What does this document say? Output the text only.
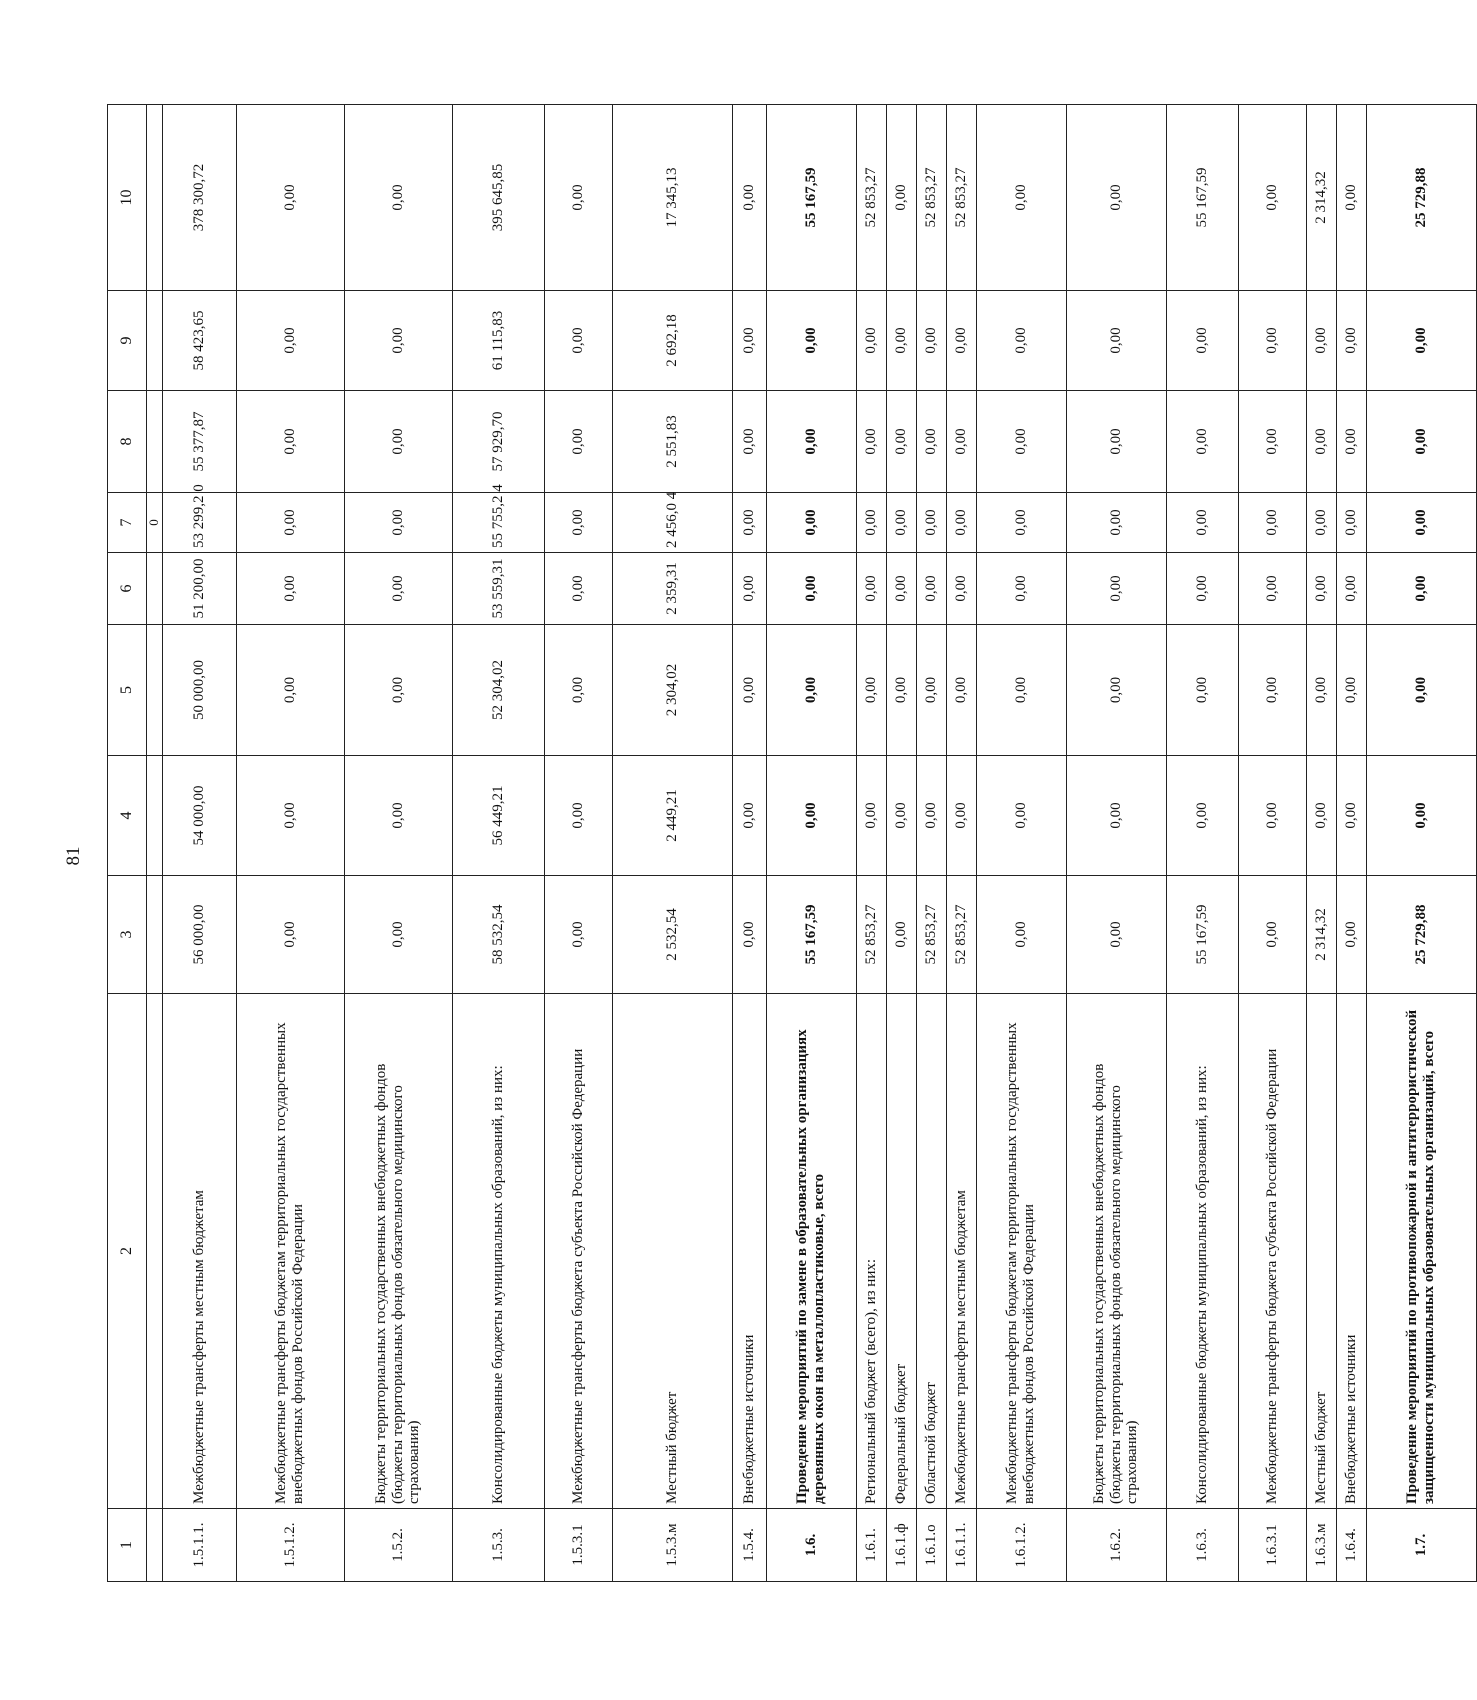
81
1	2	3	4	5	6	7	8	9	10
						0			
1.5.1.1.	Межбюджетные трансферты местным бюджетам	56 000,00	54 000,00	50 000,00	51 200,00	53 299,2 0	55 377,87	58 423,65	378 300,72
1.5.1.2.	Межбюджетные трансферты бюджетам территориальных государственных внебюджетных фондов Российской Федерации	0,00	0,00	0,00	0,00	0,00	0,00	0,00	0,00
1.5.2.	Бюджеты территориальных государственных внебюджетных фондов (бюджеты территориальных фондов обязательного медицинского страхования)	0,00	0,00	0,00	0,00	0,00	0,00	0,00	0,00
1.5.3.	Консолидированные бюджеты муниципальных образований, из них:	58 532,54	56 449,21	52 304,02	53 559,31	55 755,2 4	57 929,70	61 115,83	395 645,85
1.5.3.1	Межбюджетные трансферты бюджета субъекта Российской Федерации	0,00	0,00	0,00	0,00	0,00	0,00	0,00	0,00
1.5.3.м	Местный бюджет	2 532,54	2 449,21	2 304,02	2 359,31	2 456,0 4	2 551,83	2 692,18	17 345,13
1.5.4.	Внебюджетные источники	0,00	0,00	0,00	0,00	0,00	0,00	0,00	0,00
1.6.	Проведение мероприятий по замене в образовательных организациях деревянных окон на металлопластиковые, всего	55 167,59	0,00	0,00	0,00	0,00	0,00	0,00	55 167,59
1.6.1.	Региональный бюджет (всего), из них:	52 853,27	0,00	0,00	0,00	0,00	0,00	0,00	52 853,27
1.6.1.ф	Федеральный бюджет	0,00	0,00	0,00	0,00	0,00	0,00	0,00	0,00
1.6.1.о	Областной бюджет	52 853,27	0,00	0,00	0,00	0,00	0,00	0,00	52 853,27
1.6.1.1.	Межбюджетные трансферты местным бюджетам	52 853,27	0,00	0,00	0,00	0,00	0,00	0,00	52 853,27
1.6.1.2.	Межбюджетные трансферты бюджетам территориальных государственных внебюджетных фондов Российской Федерации	0,00	0,00	0,00	0,00	0,00	0,00	0,00	0,00
1.6.2.	Бюджеты территориальных государственных внебюджетных фондов (бюджеты территориальных фондов обязательного медицинского страхования)	0,00	0,00	0,00	0,00	0,00	0,00	0,00	0,00
1.6.3.	Консолидированные бюджеты муниципальных образований, из них:	55 167,59	0,00	0,00	0,00	0,00	0,00	0,00	55 167,59
1.6.3.1	Межбюджетные трансферты бюджета субъекта Российской Федерации	0,00	0,00	0,00	0,00	0,00	0,00	0,00	0,00
1.6.3.м	Местный бюджет	2 314,32	0,00	0,00	0,00	0,00	0,00	0,00	2 314,32
1.6.4.	Внебюджетные источники	0,00	0,00	0,00	0,00	0,00	0,00	0,00	0,00
1.7.	Проведение мероприятий по противопожарной и антитеррористической защищенности муниципальных образовательных организаций, всего	25 729,88	0,00	0,00	0,00	0,00	0,00	0,00	25 729,88
